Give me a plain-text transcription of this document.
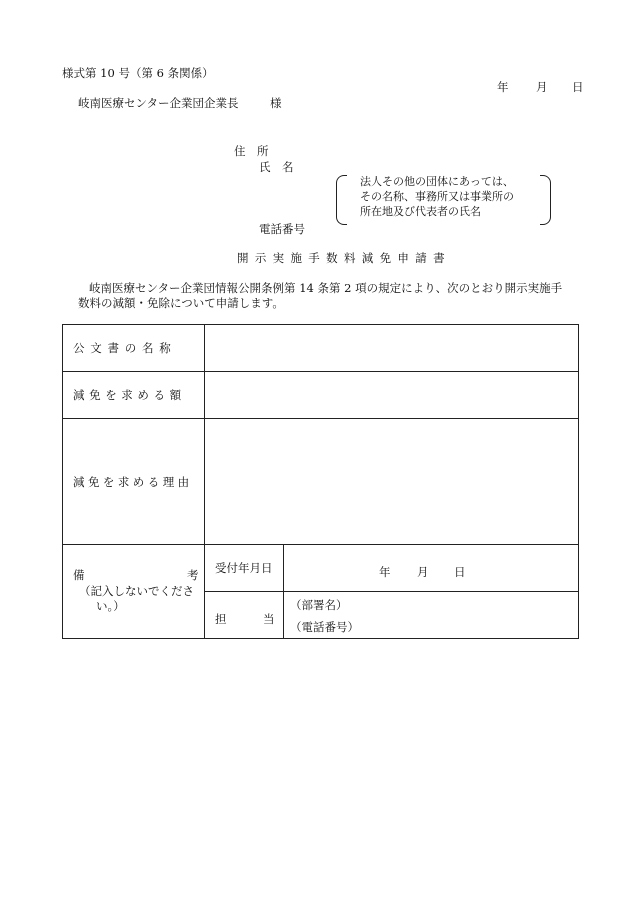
様式第 10 号（第 6 条関係）
年 月 日
岐南医療センター企業団企業長	様
住　所
氏　名
法人その他の団体にあっては、
その名称、事務所又は事業所の
所在地及び代表者の氏名
電話番号
開示実施手数料減免申請書
岐南医療センター企業団情報公開条例第 14 条第 2 項の規定により、次のとおり開示実施手
数料の減額・免除について申請します。
公文書の名称		
減免を求める額		
減免を求める理由		

備 考
（記入しないでくださ
い。）	受付年月日	年 月 日

	担 当	（部署名）
（電話番号）
